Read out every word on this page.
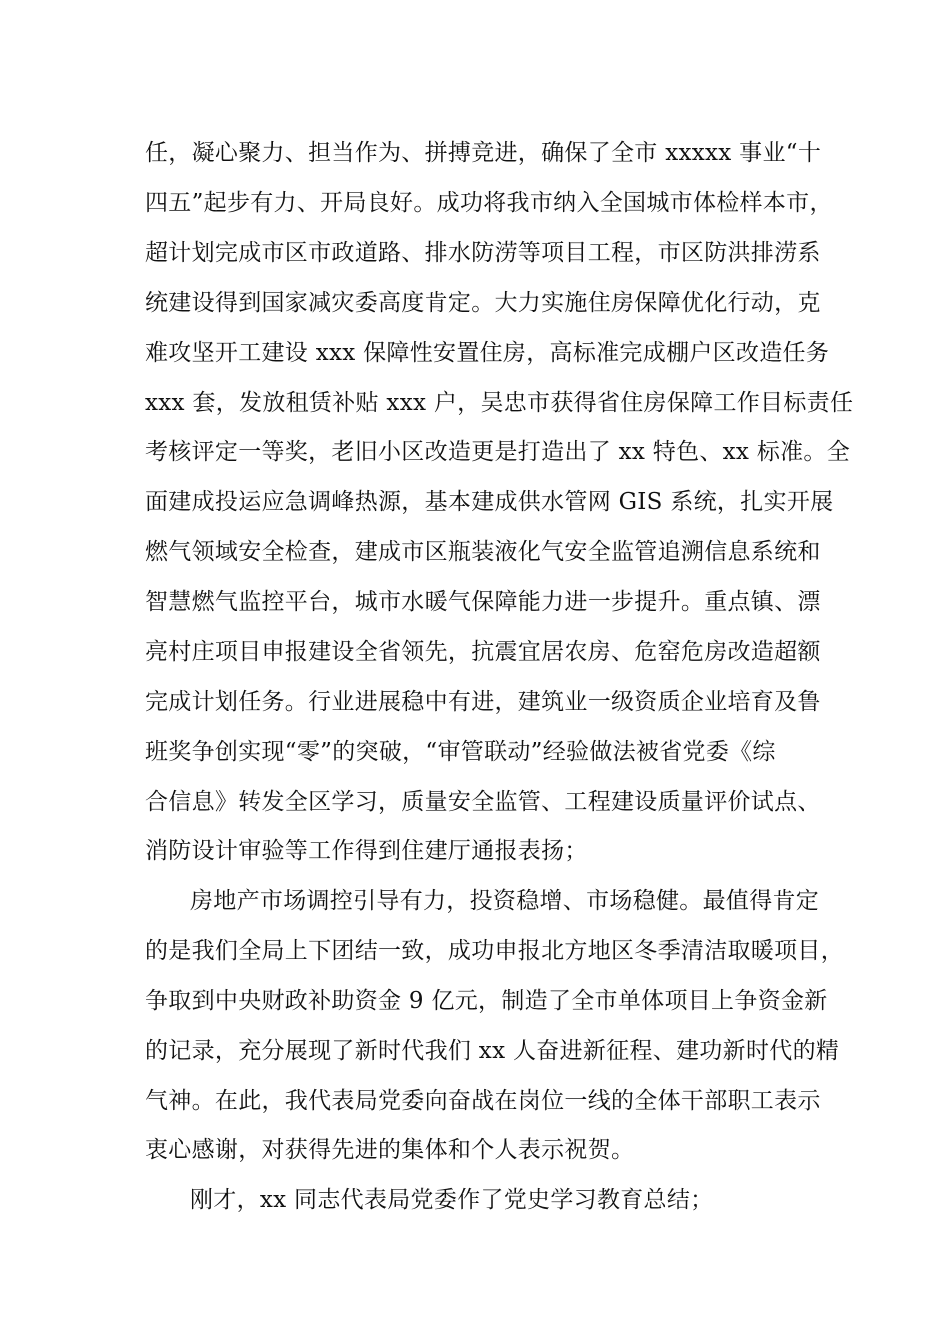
任，凝心聚力、担当作为、拼搏竞进，确保了全市 xxxxx 事业“十
四五”起步有力、开局良好。成功将我市纳入全国城市体检样本市，
超计划完成市区市政道路、排水防涝等项目工程，市区防洪排涝系
统建设得到国家减灾委高度肯定。大力实施住房保障优化行动，克
难攻坚开工建设 xxx 保障性安置住房，高标准完成棚户区改造任务
xxx 套，发放租赁补贴 xxx 户，吴忠市获得省住房保障工作目标责任
考核评定一等奖，老旧小区改造更是打造出了 xx 特色、xx 标准。全
面建成投运应急调峰热源，基本建成供水管网 GIS 系统，扎实开展
燃气领域安全检查，建成市区瓶装液化气安全监管追溯信息系统和
智慧燃气监控平台，城市水暖气保障能力进一步提升。重点镇、漂
亮村庄项目申报建设全省领先，抗震宜居农房、危窑危房改造超额
完成计划任务。行业进展稳中有进，建筑业一级资质企业培育及鲁
班奖争创实现“零”的突破，“审管联动”经验做法被省党委《综
合信息》转发全区学习，质量安全监管、工程建设质量评价试点、
消防设计审验等工作得到住建厅通报表扬；
房地产市场调控引导有力，投资稳增、市场稳健。最值得肯定
的是我们全局上下团结一致，成功申报北方地区冬季清洁取暖项目，
争取到中央财政补助资金 9 亿元，制造了全市单体项目上争资金新
的记录，充分展现了新时代我们 xx 人奋进新征程、建功新时代的精
气神。在此，我代表局党委向奋战在岗位一线的全体干部职工表示
衷心感谢，对获得先进的集体和个人表示祝贺。
刚才，xx 同志代表局党委作了党史学习教育总结；
